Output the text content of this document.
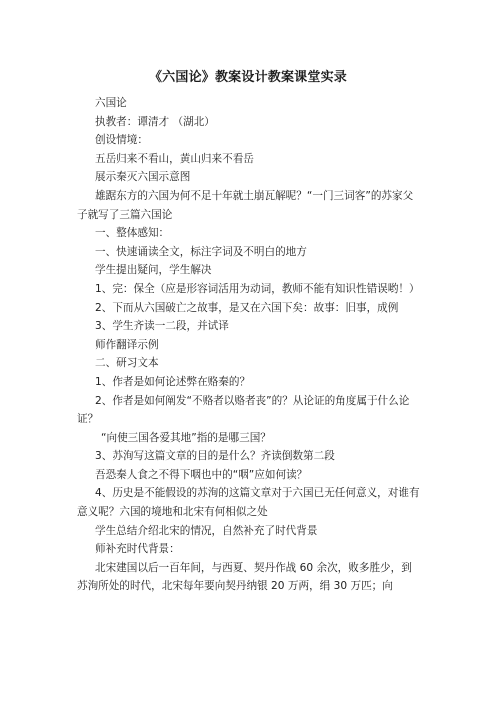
《六国论》教案设计教案课堂实录

六国论

执教者：谭清才 （湖北）

创设情境：

五岳归来不看山，黄山归来不看岳

展示秦灭六国示意图

雄踞东方的六国为何不足十年就土崩瓦解呢？“一门三词客”的苏家父子就写了三篇六国论

一、整体感知：

一、快速诵读全文，标注字词及不明白的地方

学生提出疑问，学生解决

1、完：保全（应是形容词活用为动词，教师不能有知识性错误哟！）

2、下而从六国破亡之故事，是又在六国下矣：故事：旧事，成例

3、学生齐读一二段，并试译

师作翻译示例

二、研习文本

1、作者是如何论述弊在赂秦的？

2、作者是如何阐发“不赂者以赂者丧”的？从论证的角度属于什么论证？

“向使三国各爱其地”指的是哪三国？

3、苏洵写这篇文章的目的是什么？齐读倒数第二段

吾恐秦人食之不得下咽也中的“咽”应如何读？

4、历史是不能假设的苏洵的这篇文章对于六国已无任何意义，对谁有意义呢？六国的境地和北宋有何相似之处

学生总结介绍北宋的情况，自然补充了时代背景

师补充时代背景：

北宋建国以后一百年间，与西夏、契丹作战 60 余次，败多胜少，到苏洵所处的时代，北宋每年要向契丹纳银 20 万两，绢 30 万匹；向
